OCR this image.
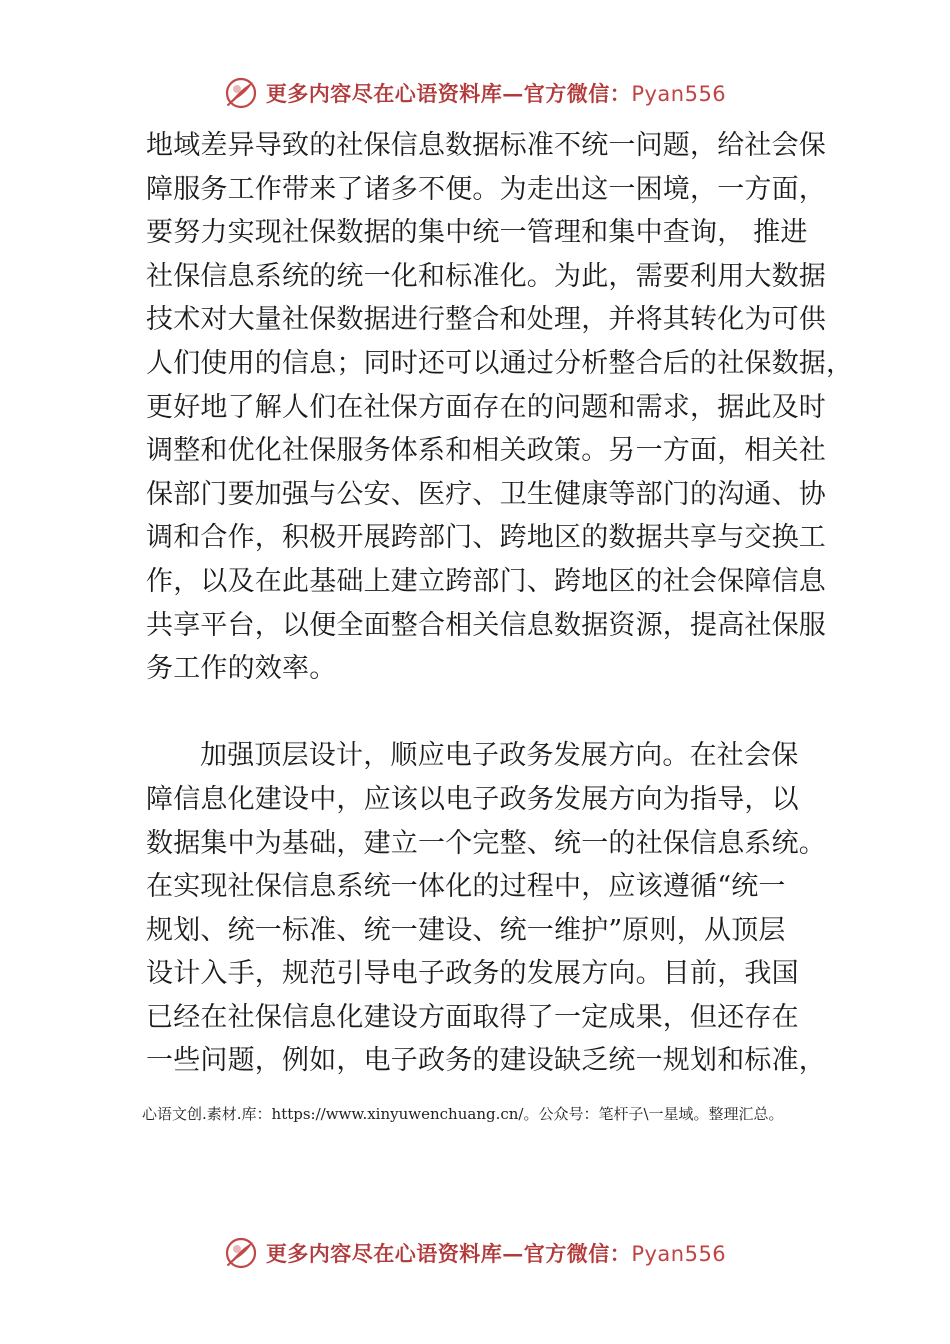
更多内容尽在心语资料库—官方微信：Pyan556
地域差异导致的社保信息数据标准不统一问题，给社会保
障服务工作带来了诸多不便。为走出这一困境，一方面，
要努力实现社保数据的集中统一管理和集中查询， 推进
社保信息系统的统一化和标准化。为此，需要利用大数据
技术对大量社保数据进行整合和处理，并将其转化为可供
人们使用的信息；同时还可以通过分析整合后的社保数据，
更好地了解人们在社保方面存在的问题和需求，据此及时
调整和优化社保服务体系和相关政策。另一方面，相关社
保部门要加强与公安、医疗、卫生健康等部门的沟通、协
调和合作，积极开展跨部门、跨地区的数据共享与交换工
作，以及在此基础上建立跨部门、跨地区的社会保障信息
共享平台，以便全面整合相关信息数据资源，提高社保服
务工作的效率。
加强顶层设计，顺应电子政务发展方向。在社会保
障信息化建设中，应该以电子政务发展方向为指导，以
数据集中为基础，建立一个完整、统一的社保信息系统。
在实现社保信息系统一体化的过程中，应该遵循“统一
规划、统一标准、统一建设、统一维护”原则，从顶层
设计入手，规范引导电子政务的发展方向。目前，我国
已经在社保信息化建设方面取得了一定成果，但还存在
一些问题，例如，电子政务的建设缺乏统一规划和标准，
心语文创.素材.库：https://www.xinyuwenchuang.cn/。公众号：笔杆子\一星域。整理汇总。
更多内容尽在心语资料库—官方微信：Pyan556
